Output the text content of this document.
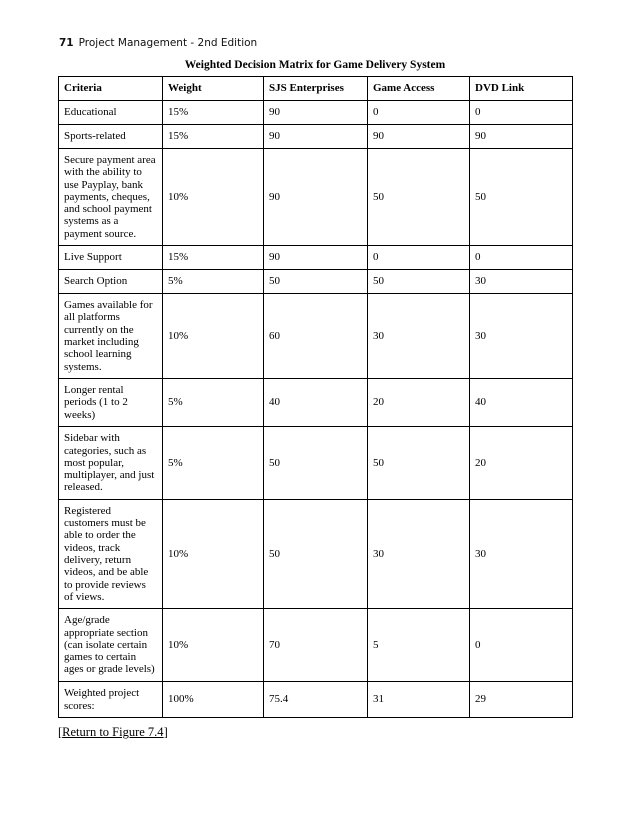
71 Project Management - 2nd Edition
Weighted Decision Matrix for Game Delivery System
Criteria	Weight	SJS Enterprises	Game Access	DVD Link
Educational	15%	90	0	0
Sports-related	15%	90	90	90
Secure payment area with the ability to use Payplay, bank payments, cheques, and school payment systems as a payment source.	10%	90	50	50
Live Support	15%	90	0	0
Search Option	5%	50	50	30
Games available for all platforms currently on the market including school learning systems.	10%	60	30	30
Longer rental periods (1 to 2 weeks)	5%	40	20	40
Sidebar with categories, such as most popular, multiplayer, and just released.	5%	50	50	20
Registered customers must be able to order the videos, track delivery, return videos, and be able to provide reviews of views.	10%	50	30	30
Age/grade appropriate section (can isolate certain games to certain ages or grade levels)	10%	70	5	0
Weighted project scores:	100%	75.4	31	29
[Return to Figure 7.4]
